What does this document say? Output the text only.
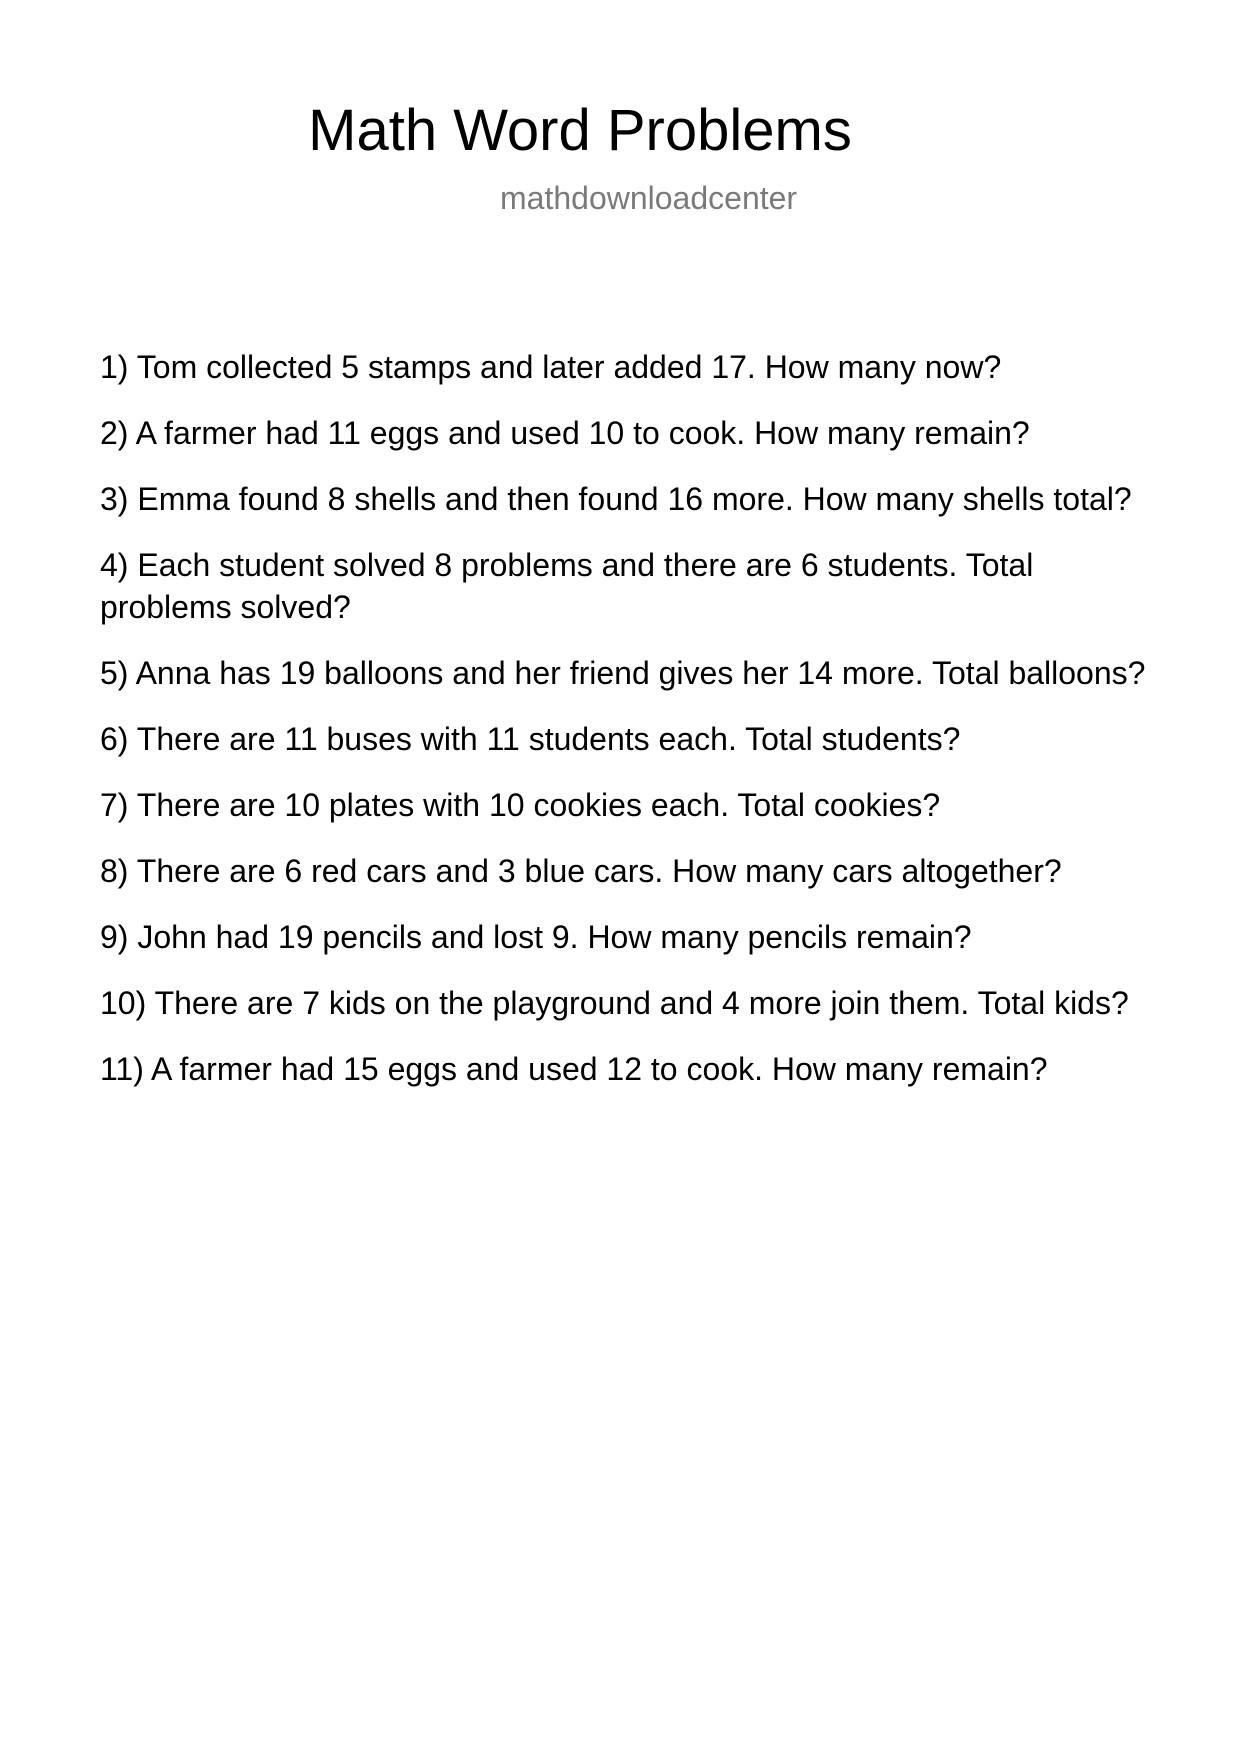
Math Word Problems
mathdownloadcenter
1) Tom collected 5 stamps and later added 17. How many now?
2) A farmer had 11 eggs and used 10 to cook. How many remain?
3) Emma found 8 shells and then found 16 more. How many shells total?
4) Each student solved 8 problems and there are 6 students. Total problems solved?
5) Anna has 19 balloons and her friend gives her 14 more. Total balloons?
6) There are 11 buses with 11 students each. Total students?
7) There are 10 plates with 10 cookies each. Total cookies?
8) There are 6 red cars and 3 blue cars. How many cars altogether?
9) John had 19 pencils and lost 9. How many pencils remain?
10) There are 7 kids on the playground and 4 more join them. Total kids?
11) A farmer had 15 eggs and used 12 to cook. How many remain?
